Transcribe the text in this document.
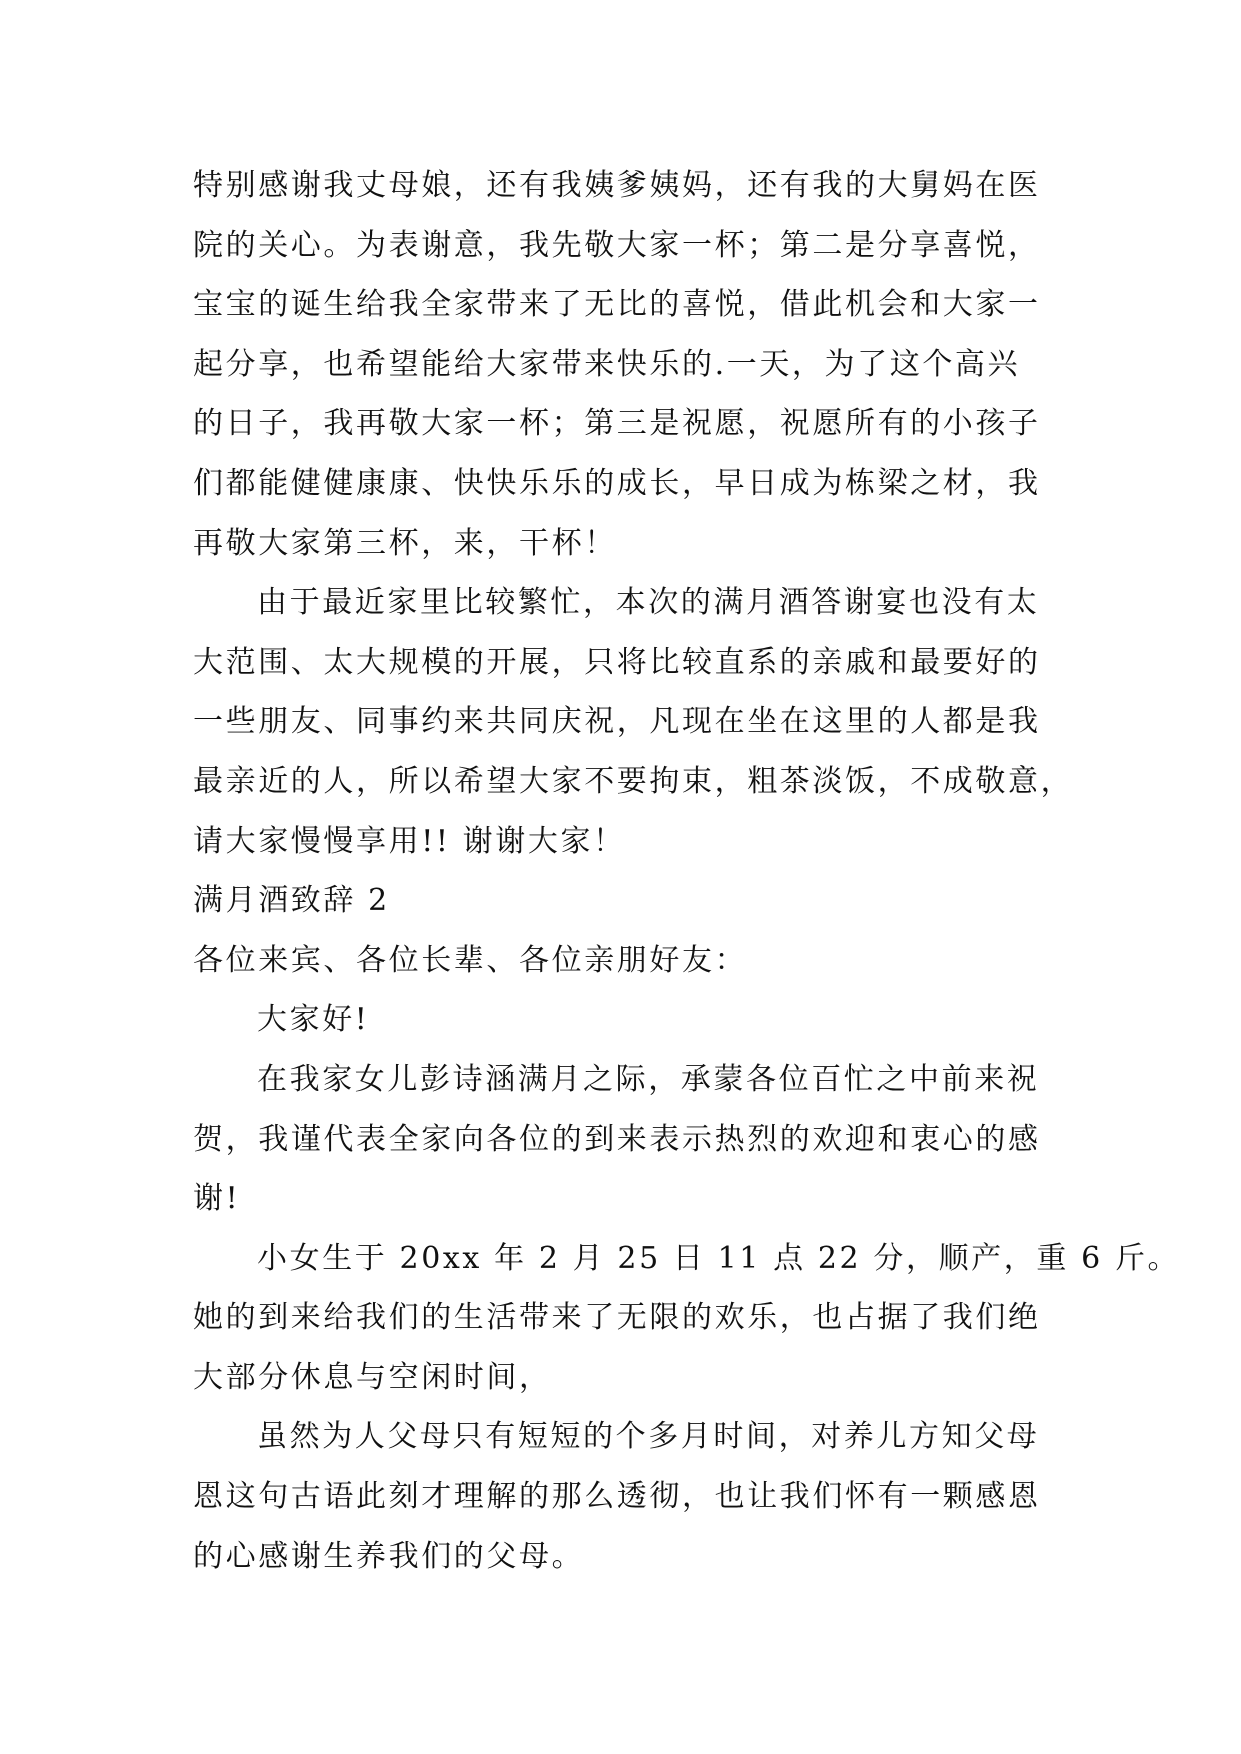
特别感谢我丈母娘，还有我姨爹姨妈，还有我的大舅妈在医
院的关心。为表谢意，我先敬大家一杯；第二是分享喜悦，
宝宝的诞生给我全家带来了无比的喜悦，借此机会和大家一
起分享，也希望能给大家带来快乐的.一天，为了这个高兴
的日子，我再敬大家一杯；第三是祝愿，祝愿所有的小孩子
们都能健健康康、快快乐乐的成长，早日成为栋梁之材，我
再敬大家第三杯，来，干杯！
由于最近家里比较繁忙，本次的满月酒答谢宴也没有太
大范围、太大规模的开展，只将比较直系的亲戚和最要好的
一些朋友、同事约来共同庆祝，凡现在坐在这里的人都是我
最亲近的人，所以希望大家不要拘束，粗茶淡饭，不成敬意，
请大家慢慢享用!! 谢谢大家！
满月酒致辞 2
各位来宾、各位长辈、各位亲朋好友：
大家好!
在我家女儿彭诗涵满月之际，承蒙各位百忙之中前来祝
贺，我谨代表全家向各位的到来表示热烈的欢迎和衷心的感
谢!
小女生于 20xx 年 2 月 25 日 11 点 22 分，顺产，重 6 斤。
她的到来给我们的生活带来了无限的欢乐，也占据了我们绝
大部分休息与空闲时间，
虽然为人父母只有短短的个多月时间，对养儿方知父母
恩这句古语此刻才理解的那么透彻，也让我们怀有一颗感恩
的心感谢生养我们的父母。
